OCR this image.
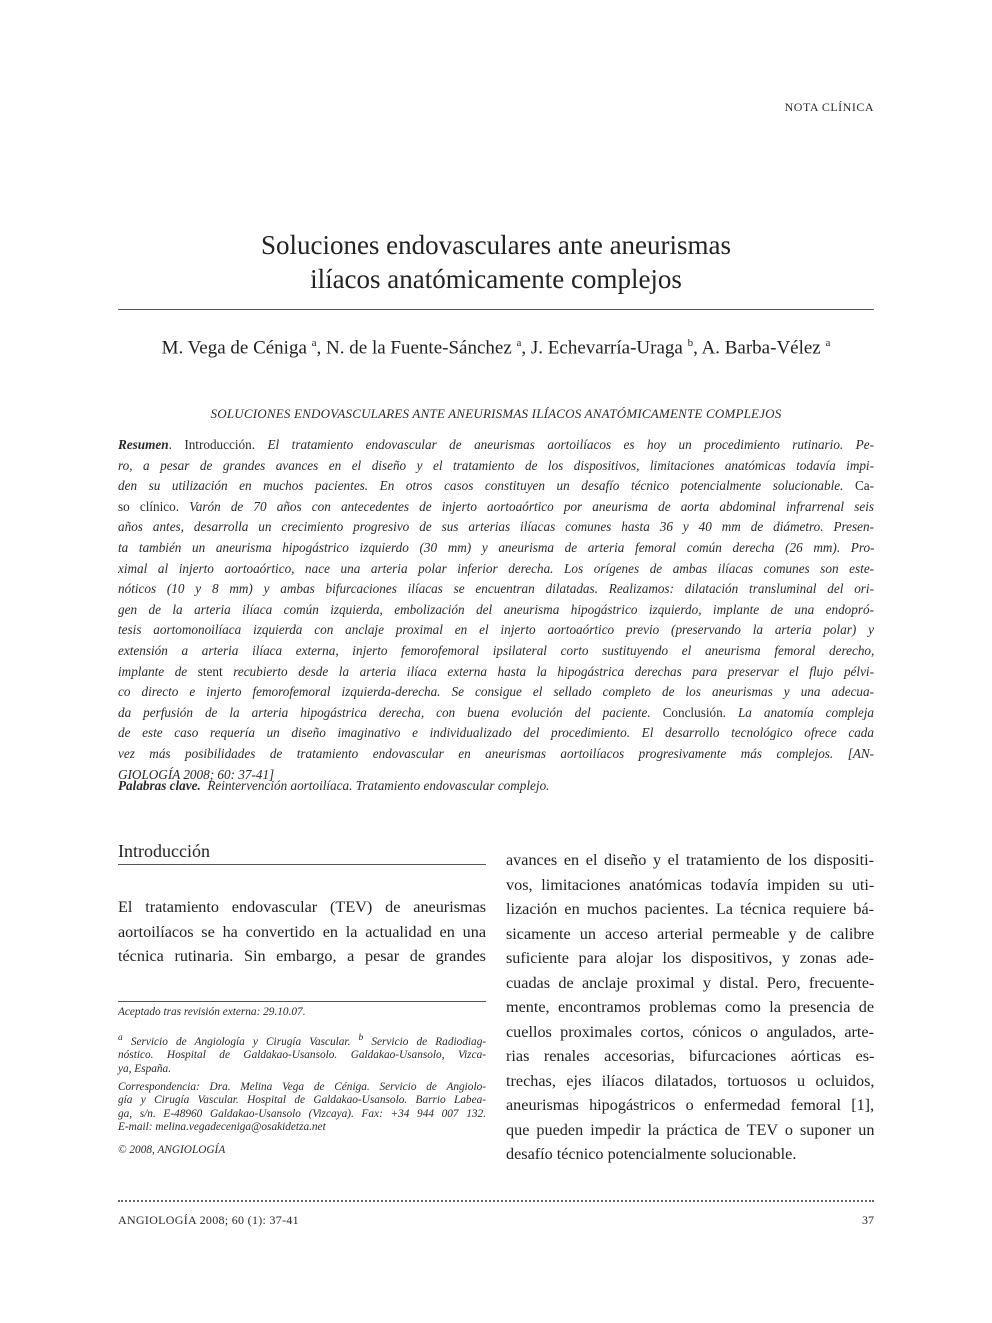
NOTA CLÍNICA
Soluciones endovasculares ante aneurismas
ilíacos anatómicamente complejos
M. Vega de Céniga $^a$, N. de la Fuente-Sánchez $^a$, J. Echevarría-Uraga $^b$, A. Barba-Vélez $^a$
SOLUCIONES ENDOVASCULARES ANTE ANEURISMAS ILÍACOS ANATÓMICAMENTE COMPLEJOS
Resumen. Introducción. El tratamiento endovascular de aneurismas aortoilíacos es hoy un procedimiento rutinario. Pe-
ro, a pesar de grandes avances en el diseño y el tratamiento de los dispositivos, limitaciones anatómicas todavía impi-
den su utilización en muchos pacientes. En otros casos constituyen un desafío técnico potencialmente solucionable. Ca-
so clínico. Varón de 70 años con antecedentes de injerto aortoaórtico por aneurisma de aorta abdominal infrarrenal seis
años antes, desarrolla un crecimiento progresivo de sus arterias ilíacas comunes hasta 36 y 40 mm de diámetro. Presen-
ta también un aneurisma hipogástrico izquierdo (30 mm) y aneurisma de arteria femoral común derecha (26 mm). Pro-
ximal al injerto aortoaórtico, nace una arteria polar inferior derecha. Los orígenes de ambas ilíacas comunes son este-
nóticos (10 y 8 mm) y ambas bifurcaciones ilíacas se encuentran dilatadas. Realizamos: dilatación transluminal del ori-
gen de la arteria ilíaca común izquierda, embolización del aneurisma hipogástrico izquierdo, implante de una endopró-
tesis aortomonoilíaca izquierda con anclaje proximal en el injerto aortoaórtico previo (preservando la arteria polar) y
extensión a arteria ilíaca externa, injerto femorofemoral ipsilateral corto sustituyendo el aneurisma femoral derecho,
implante de stent recubierto desde la arteria ilíaca externa hasta la hipogástrica derechas para preservar el flujo pélvi-
co directo e injerto femorofemoral izquierda-derecha. Se consigue el sellado completo de los aneurismas y una adecua-
da perfusión de la arteria hipogástrica derecha, con buena evolución del paciente. Conclusión. La anatomía compleja
de este caso requería un diseño imaginativo e individualizado del procedimiento. El desarrollo tecnológico ofrece cada
vez más posibilidades de tratamiento endovascular en aneurismas aortoilíacos progresivamente más complejos. [AN-
GIOLOGÍA 2008; 60: 37-41]
Palabras clave. Reintervención aortoilíaca. Tratamiento endovascular complejo.
Introducción
El tratamiento endovascular (TEV) de aneurismas
aortoilíacos se ha convertido en la actualidad en una
técnica rutinaria. Sin embargo, a pesar de grandes
Aceptado tras revisión externa: 29.10.07.
$^a$ Servicio de Angiología y Cirugía Vascular. $^b$ Servicio de Radiodiag-
nóstico. Hospital de Galdakao-Usansolo. Galdakao-Usansolo, Vizca-
ya, España.
Correspondencia: Dra. Melina Vega de Céniga. Servicio de Angiolo-
gía y Cirugía Vascular. Hospital de Galdakao-Usansolo. Barrio Labea-
ga, s/n. E-48960 Galdakao-Usansolo (Vizcaya). Fax: +34 944 007 132.
E-mail: melina.vegadeceniga@osakidetza.net
© 2008, ANGIOLOGÍA
avances en el diseño y el tratamiento de los dispositi-
vos, limitaciones anatómicas todavía impiden su uti-
lización en muchos pacientes. La técnica requiere bá-
sicamente un acceso arterial permeable y de calibre
suficiente para alojar los dispositivos, y zonas ade-
cuadas de anclaje proximal y distal. Pero, frecuente-
mente, encontramos problemas como la presencia de
cuellos proximales cortos, cónicos o angulados, arte-
rias renales accesorias, bifurcaciones aórticas es-
trechas, ejes ilíacos dilatados, tortuosos u ocluidos,
aneurismas hipogástricos o enfermedad femoral [1],
que pueden impedir la práctica de TEV o suponer un
desafío técnico potencialmente solucionable.
ANGIOLOGÍA 2008; 60 (1): 37-41	37
